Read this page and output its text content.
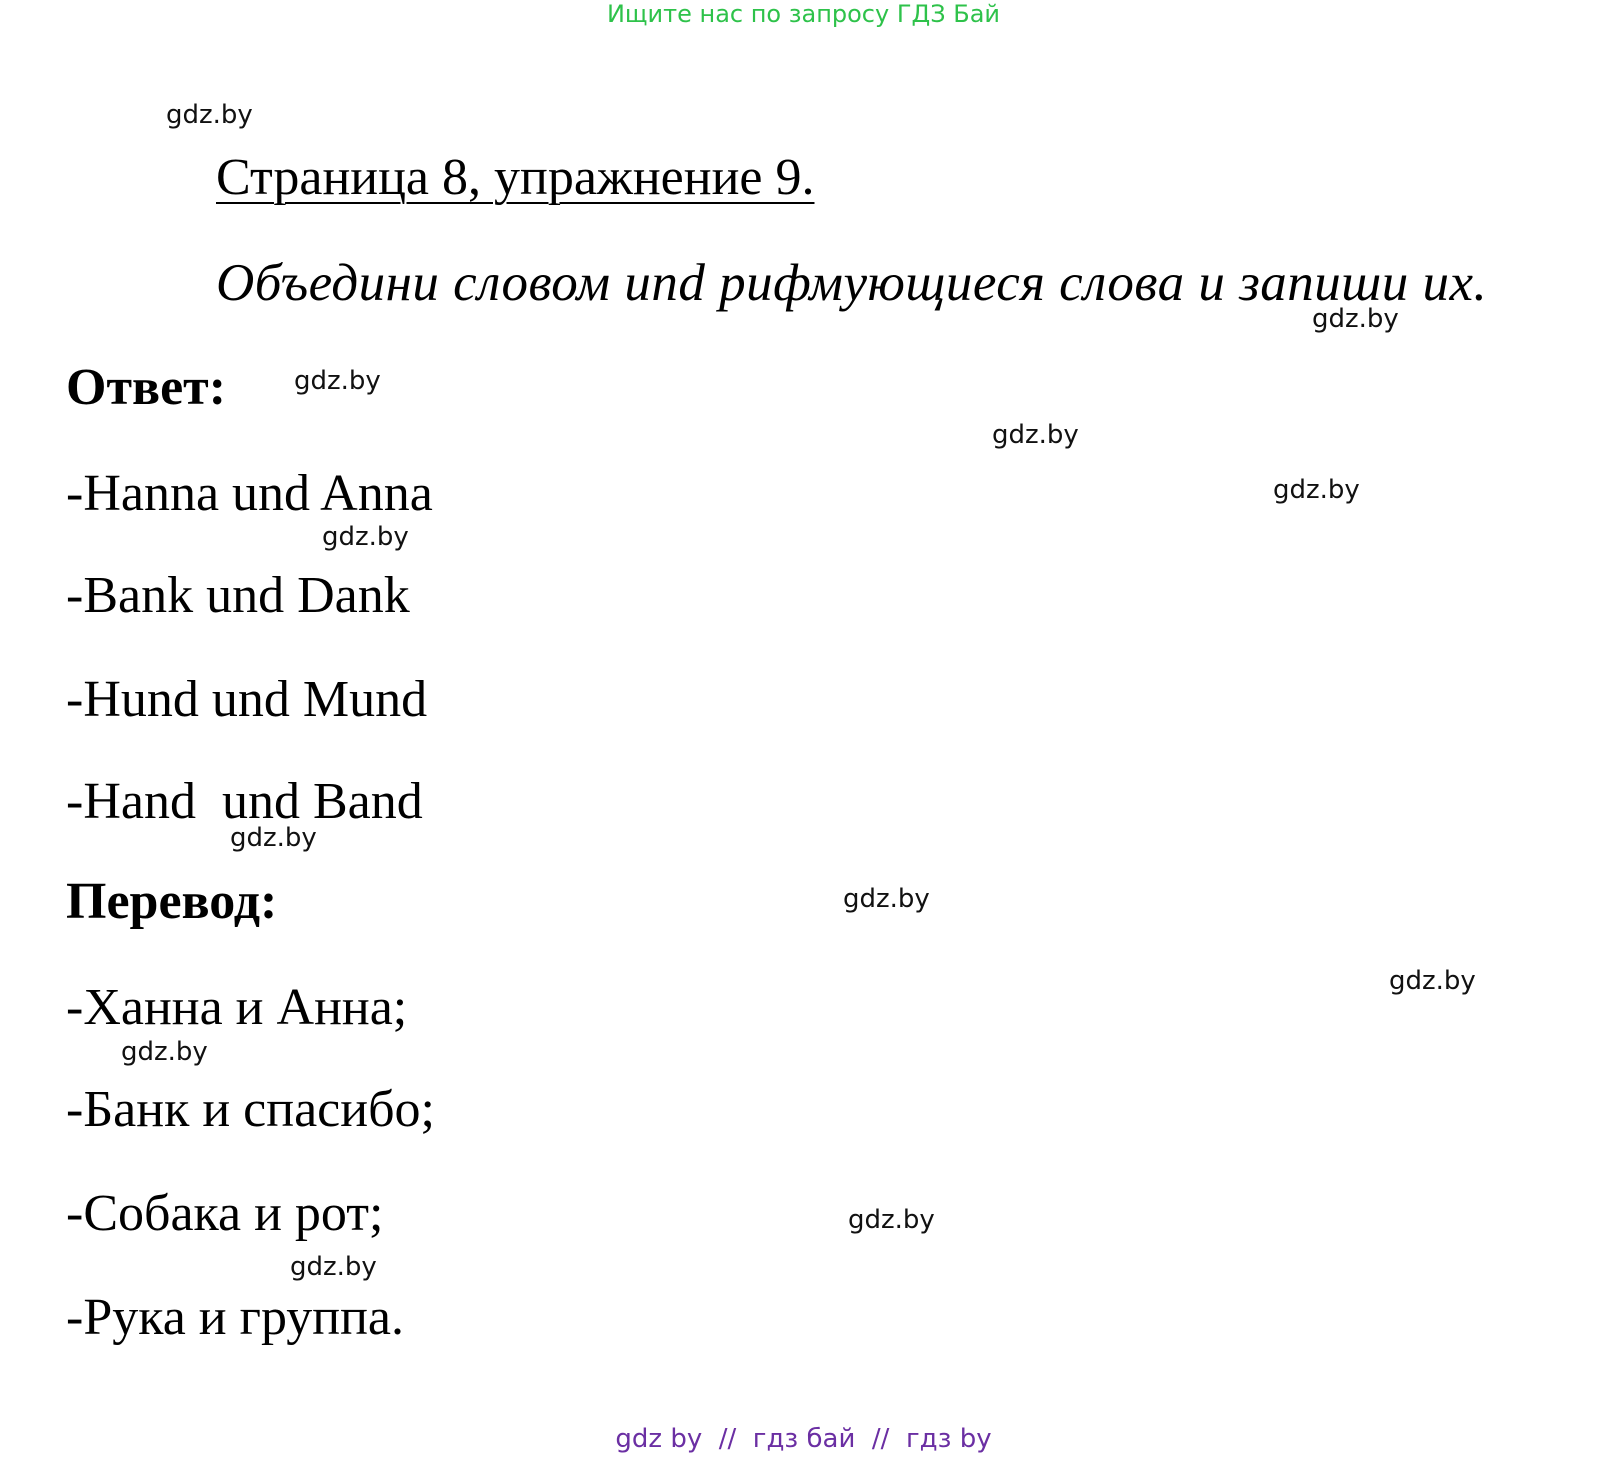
Ищите нас по запросу ГДЗ Бай
gdz.by
Страница 8, упражнение 9.
Объедини словом und рифмующиеся слова и запиши их.
gdz.by
Ответ:	gdz.by
gdz.by
-Hanna und Anna	gdz.by
gdz.by
-Bank und Dank
-Hund und Mund
-Hand  und Band
gdz.by
Перевод:	gdz.by
gdz.by
-Ханна и Анна;
gdz.by
-Банк и спасибо;
-Собака и рот;	gdz.by
gdz.by
-Рука и группа.
gdz by  //  гдз бай  //  гдз by
